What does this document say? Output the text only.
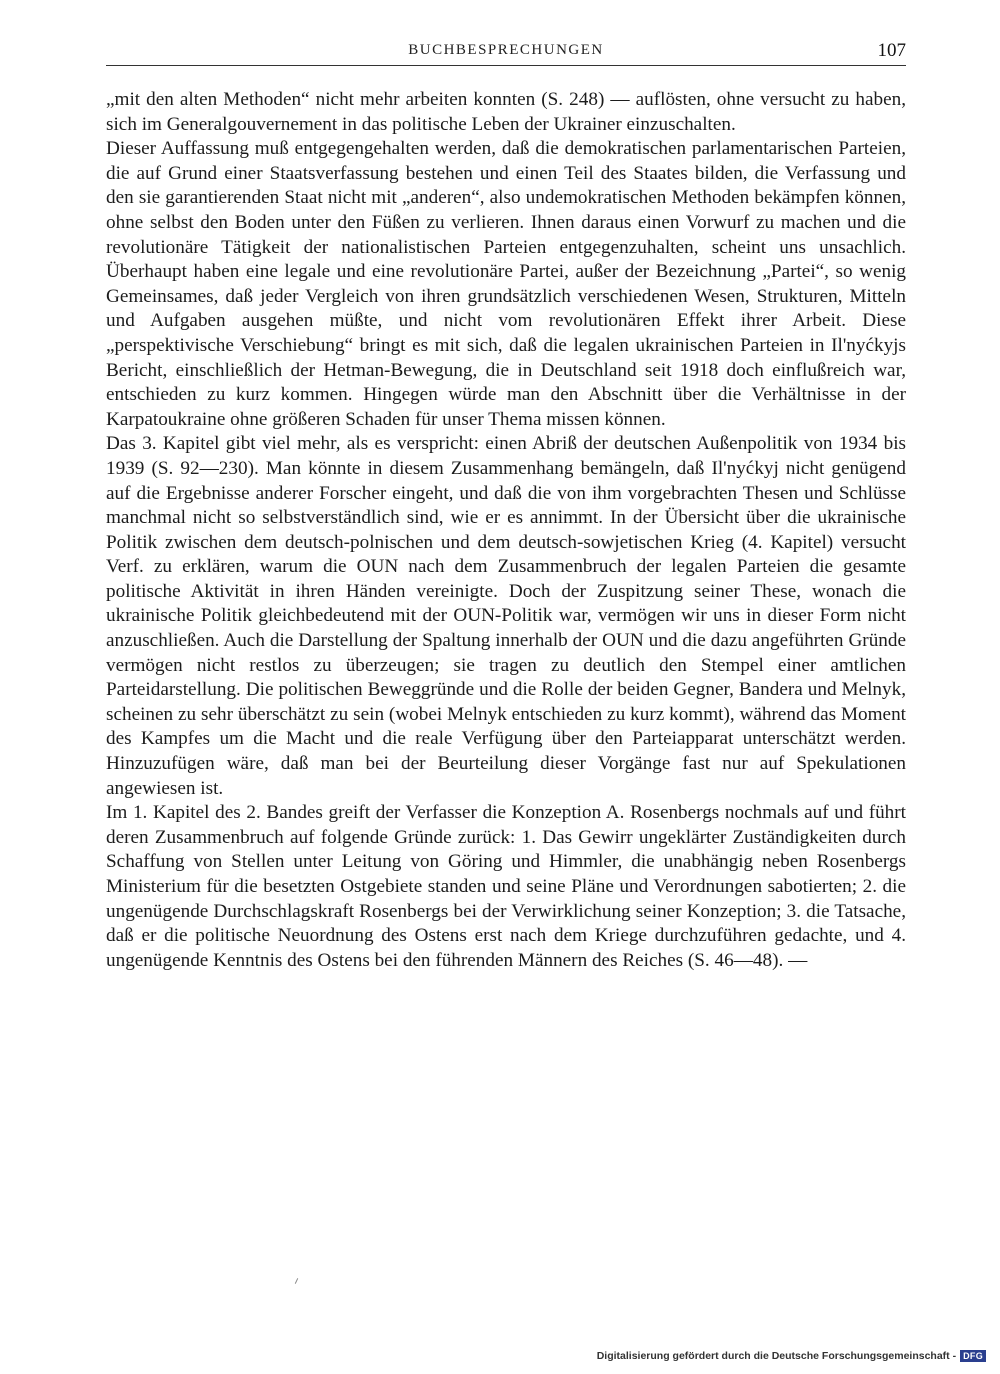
BUCHBESPRECHUNGEN	107

„mit den alten Methoden“ nicht mehr arbeiten konnten (S. 248) — auflösten, ohne versucht zu haben, sich im Generalgouvernement in das politische Leben der Ukrainer einzuschalten.

Dieser Auffassung muß entgegengehalten werden, daß die demokratischen parlamentarischen Parteien, die auf Grund einer Staatsverfassung bestehen und einen Teil des Staates bilden, die Verfassung und den sie garantierenden Staat nicht mit „anderen“, also undemokratischen Methoden bekämpfen können, ohne selbst den Boden unter den Füßen zu verlieren. Ihnen daraus einen Vorwurf zu machen und die revolutionäre Tätigkeit der nationalistischen Parteien entgegenzuhalten, scheint uns unsachlich. Überhaupt haben eine legale und eine revolutionäre Partei, außer der Bezeichnung „Partei“, so wenig Gemeinsames, daß jeder Vergleich von ihren grundsätzlich verschiedenen Wesen, Strukturen, Mitteln und Aufgaben ausgehen müßte, und nicht vom revolutionären Effekt ihrer Arbeit. Diese „perspektivische Verschiebung“ bringt es mit sich, daß die legalen ukrainischen Parteien in Il'nyćkyjs Bericht, einschließlich der Hetman-Bewegung, die in Deutschland seit 1918 doch einflußreich war, entschieden zu kurz kommen. Hingegen würde man den Abschnitt über die Verhältnisse in der Karpatoukraine ohne größeren Schaden für unser Thema missen können.

Das 3. Kapitel gibt viel mehr, als es verspricht: einen Abriß der deutschen Außenpolitik von 1934 bis 1939 (S. 92—230). Man könnte in diesem Zusammenhang bemängeln, daß Il'nyćkyj nicht genügend auf die Ergebnisse anderer Forscher eingeht, und daß die von ihm vorgebrachten Thesen und Schlüsse manchmal nicht so selbstverständlich sind, wie er es annimmt. In der Übersicht über die ukrainische Politik zwischen dem deutsch-polnischen und dem deutsch-sowjetischen Krieg (4. Kapitel) versucht Verf. zu erklären, warum die OUN nach dem Zusammenbruch der legalen Parteien die gesamte politische Aktivität in ihren Händen vereinigte. Doch der Zuspitzung seiner These, wonach die ukrainische Politik gleichbedeutend mit der OUN-Politik war, vermögen wir uns in dieser Form nicht anzuschließen. Auch die Darstellung der Spaltung innerhalb der OUN und die dazu angeführten Gründe vermögen nicht restlos zu überzeugen; sie tragen zu deutlich den Stempel einer amtlichen Parteidarstellung. Die politischen Beweggründe und die Rolle der beiden Gegner, Bandera und Melnyk, scheinen zu sehr überschätzt zu sein (wobei Melnyk entschieden zu kurz kommt), während das Moment des Kampfes um die Macht und die reale Verfügung über den Parteiapparat unterschätzt werden. Hinzuzufügen wäre, daß man bei der Beurteilung dieser Vorgänge fast nur auf Spekulationen angewiesen ist.

Im 1. Kapitel des 2. Bandes greift der Verfasser die Konzeption A. Rosenbergs nochmals auf und führt deren Zusammenbruch auf folgende Gründe zurück: 1. Das Gewirr ungeklärter Zuständigkeiten durch Schaffung von Stellen unter Leitung von Göring und Himmler, die unabhängig neben Rosenbergs Ministerium für die besetzten Ostgebiete standen und seine Pläne und Verordnungen sabotierten; 2. die ungenügende Durchschlagskraft Rosenbergs bei der Verwirklichung seiner Konzeption; 3. die Tatsache, daß er die politische Neuordnung des Ostens erst nach dem Kriege durchzuführen gedachte, und 4. ungenügende Kenntnis des Ostens bei den führenden Männern des Reiches (S. 46—48). —

Digitalisierung gefördert durch die Deutsche Forschungsgemeinschaft - DFG
